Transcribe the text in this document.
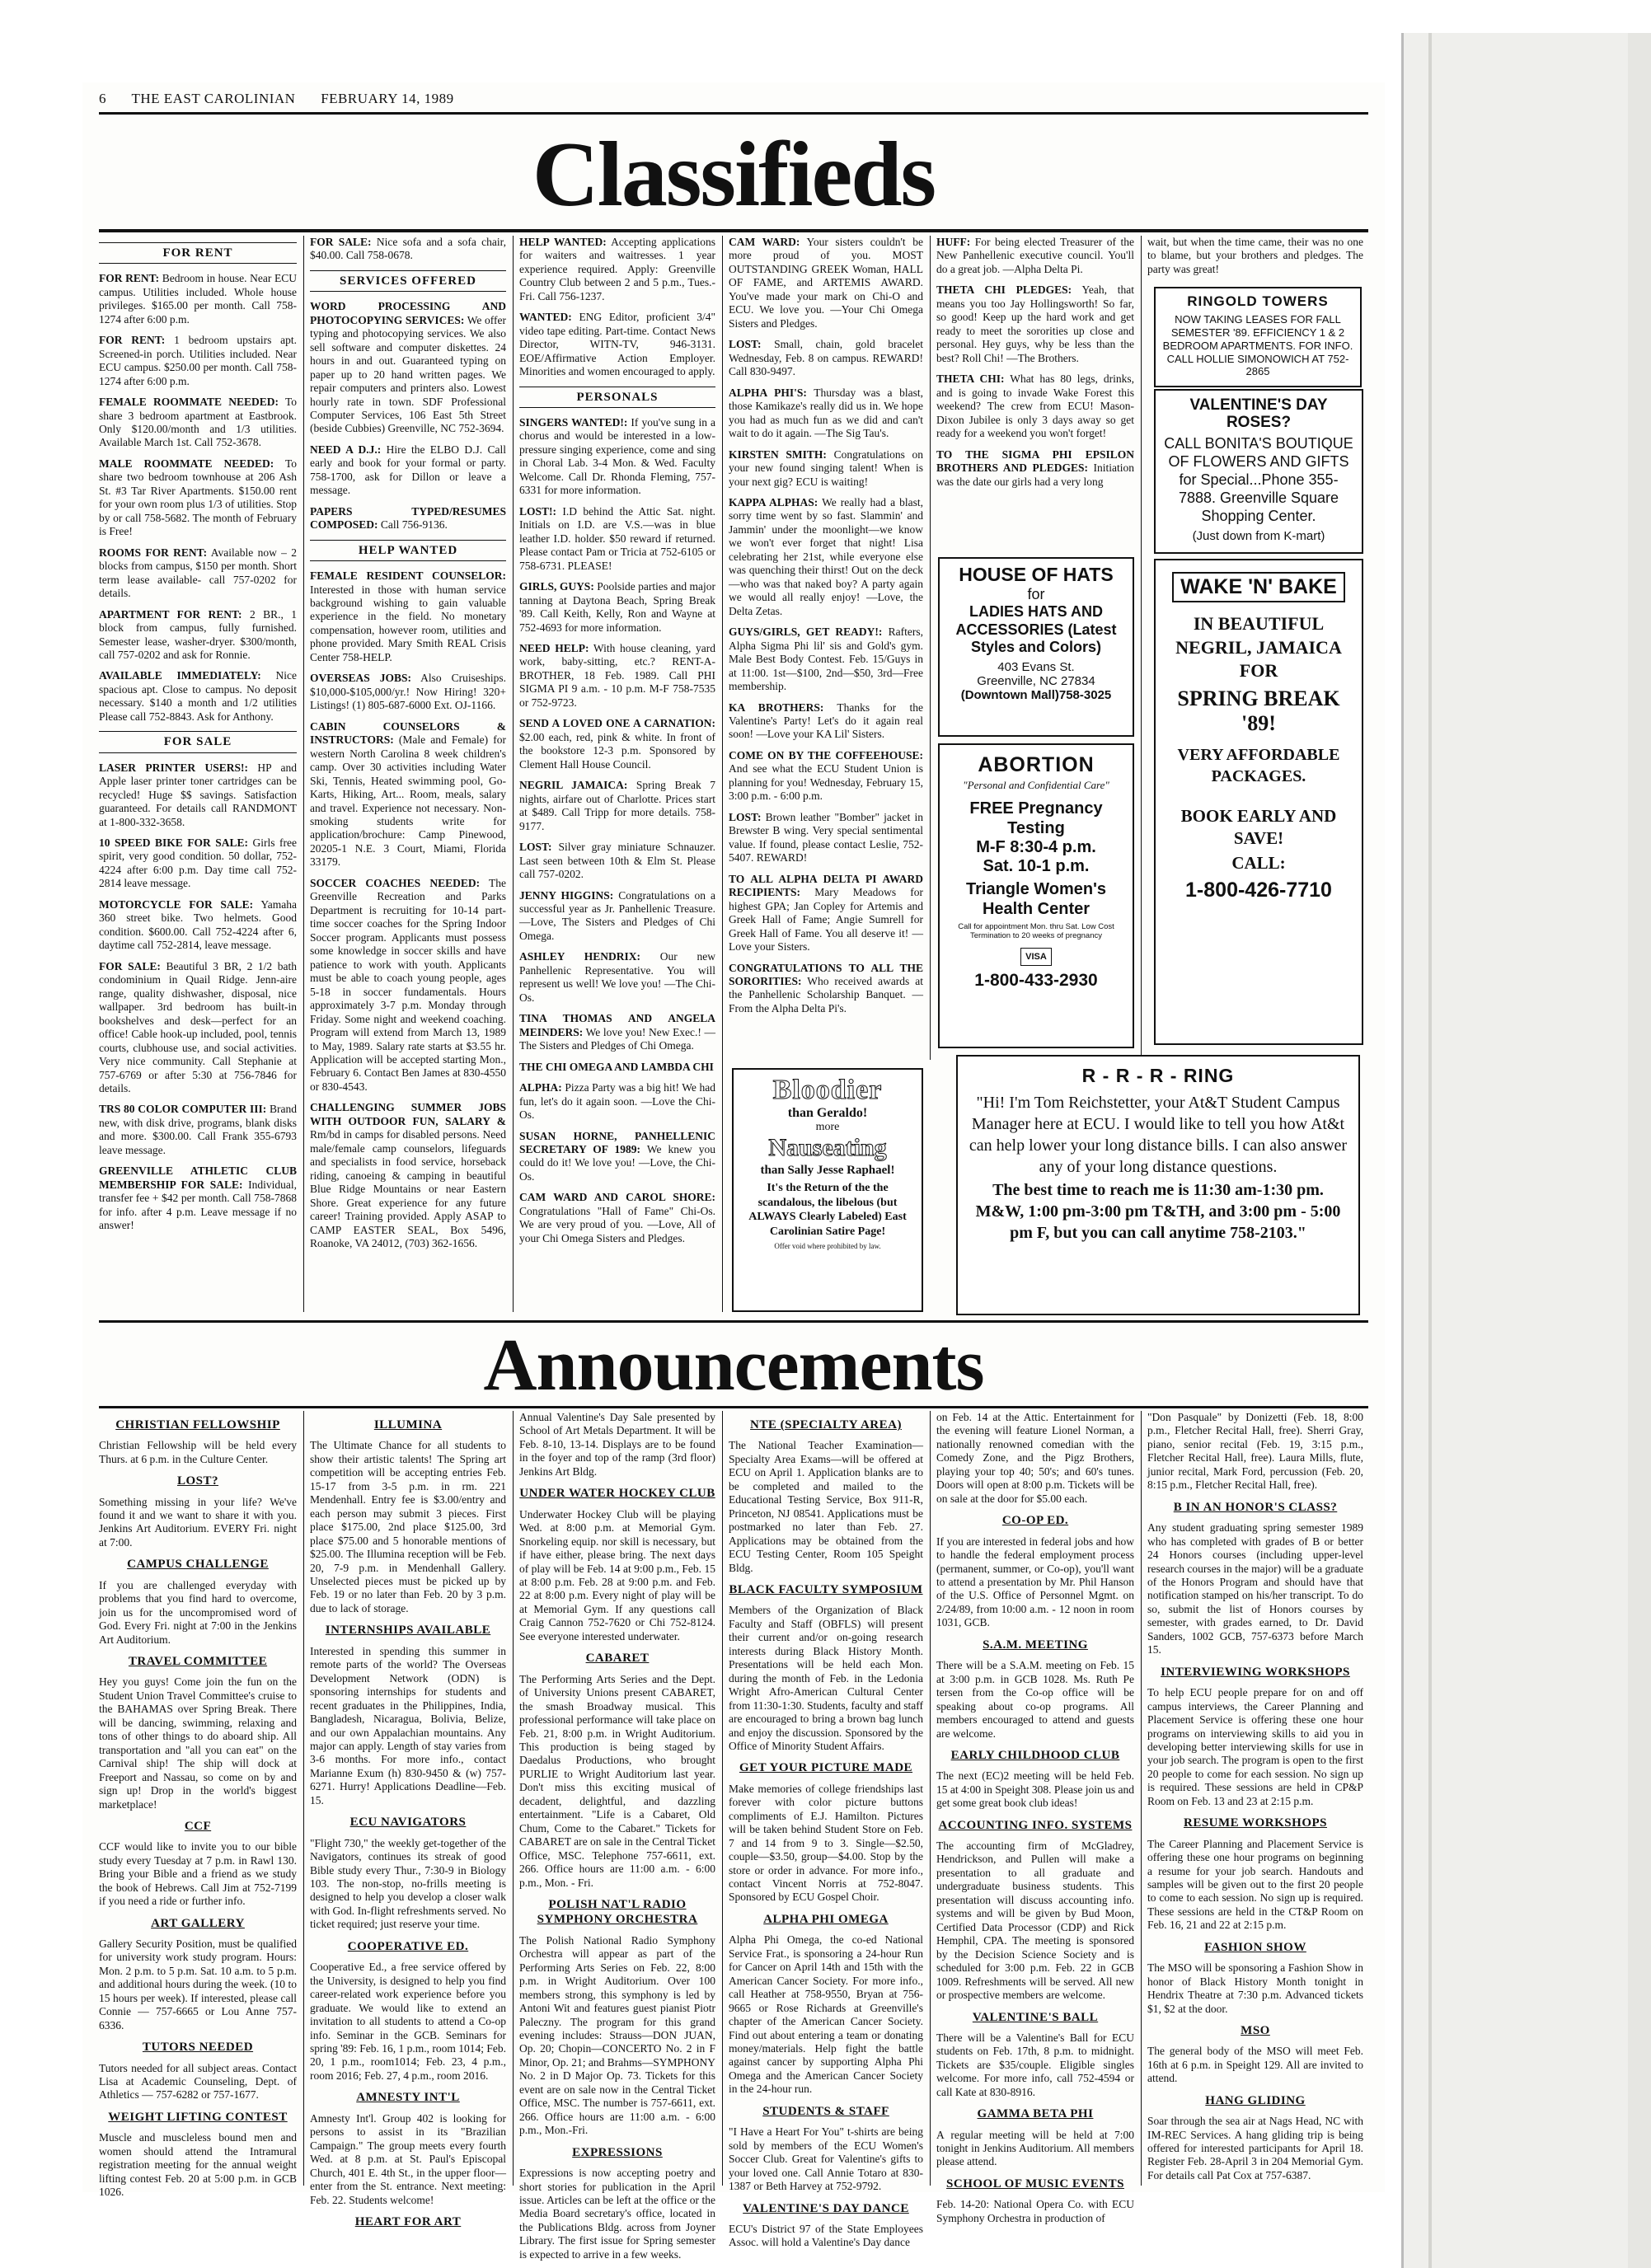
6 THE EAST CAROLINIAN FEBRUARY 14, 1989
Classifieds
FOR RENT

FOR RENT: Bedroom in house. Near ECU campus. Utilities included. Whole house privileges. $165.00 per month. Call 758-1274 after 6:00 p.m.

FOR RENT: 1 bedroom upstairs apt. Screened-in porch. Utilities included. Near ECU campus. $250.00 per month. Call 758-1274 after 6:00 p.m.

FEMALE ROOMMATE NEEDED: To share 3 bedroom apartment at Eastbrook. Only $120.00/month and 1/3 utilities. Available March 1st. Call 752-3678.

MALE ROOMMATE NEEDED: To share two bedroom townhouse at 206 Ash St. #3 Tar River Apartments. $150.00 rent for your own room plus 1/3 of utilities. Stop by or call 758-5682. The month of February is Free!

ROOMS FOR RENT: Available now – 2 blocks from campus, $150 per month. Short term lease available- call 757-0202 for details.

APARTMENT FOR RENT: 2 BR., 1 block from campus, fully furnished. Semester lease, washer-dryer. $300/month, call 757-0202 and ask for Ronnie.

AVAILABLE IMMEDIATELY: Nice spacious apt. Close to campus. No deposit necessary. $140 a month and 1/2 utilities Please call 752-8843. Ask for Anthony.

FOR SALE

LASER PRINTER USERS!: HP and Apple laser printer toner cartridges can be recycled! Huge $$ savings. Satisfaction guaranteed. For details call RANDMONT at 1-800-332-3658.

10 SPEED BIKE FOR SALE: Girls free spirit, very good condition. 50 dollar, 752-4224 after 6:00 p.m. Day time call 752-2814 leave message.

MOTORCYCLE FOR SALE: Yamaha 360 street bike. Two helmets. Good condition. $600.00. Call 752-4224 after 6, daytime call 752-2814, leave message.

FOR SALE: Beautiful 3 BR, 2 1/2 bath condominium in Quail Ridge. Jenn-aire range, quality dishwasher, disposal, nice wallpaper. 3rd bedroom has built-in bookshelves and desk—perfect for an office! Cable hook-up included, pool, tennis courts, clubhouse use, and social activities. Very nice community. Call Stephanie at 757-6769 or after 5:30 at 756-7846 for details.

TRS 80 COLOR COMPUTER III: Brand new, with disk drive, programs, blank disks and more. $300.00. Call Frank 355-6793 leave message.

GREENVILLE ATHLETIC CLUB MEMBERSHIP FOR SALE: Individual, transfer fee + $42 per month. Call 758-7868 for info. after 4 p.m. Leave message if no answer!

FOR SALE: Nice sofa and a sofa chair, $40.00. Call 758-0678.

SERVICES OFFERED

WORD PROCESSING AND PHOTOCOPYING SERVICES: We offer typing and photocopying services. We also sell software and computer diskettes. 24 hours in and out. Guaranteed typing on paper up to 20 hand written pages. We repair computers and printers also. Lowest hourly rate in town. SDF Professional Computer Services, 106 East 5th Street (beside Cubbies) Greenville, NC 752-3694.

NEED A D.J.: Hire the ELBO D.J. Call early and book for your formal or party. 758-1700, ask for Dillon or leave a message.

PAPERS TYPED/RESUMES COMPOSED: Call 756-9136.

HELP WANTED

FEMALE RESIDENT COUNSELOR: Interested in those with human service background wishing to gain valuable experience in the field. No monetary compensation, however room, utilities and phone provided. Mary Smith REAL Crisis Center 758-HELP.

OVERSEAS JOBS: Also Cruiseships. $10,000-$105,000/yr.! Now Hiring! 320+ Listings! (1) 805-687-6000 Ext. OJ-1166.

CABIN COUNSELORS & INSTRUCTORS: (Male and Female) for western North Carolina 8 week children's camp. Over 30 activities including Water Ski, Tennis, Heated swimming pool, Go-Karts, Hiking, Art... Room, meals, salary and travel. Experience not necessary. Non-smoking students write for application/brochure: Camp Pinewood, 20205-1 N.E. 3 Court, Miami, Florida 33179.

SOCCER COACHES NEEDED: The Greenville Recreation and Parks Department is recruiting for 10-14 part-time soccer coaches for the Spring Indoor Soccer program. Applicants must possess some knowledge in soccer skills and have patience to work with youth. Applicants must be able to coach young people, ages 5-18 in soccer fundamentals. Hours approximately 3-7 p.m. Monday through Friday. Some night and weekend coaching. Program will extend from March 13, 1989 to May, 1989. Salary rate starts at $3.55 hr. Application will be accepted starting Mon., February 6. Contact Ben James at 830-4550 or 830-4543.

CHALLENGING SUMMER JOBS WITH OUTDOOR FUN, SALARY & Rm/bd in camps for disabled persons. Need male/female camp counselors, lifeguards and specialists in food service, horseback riding, canoeing & camping in beautiful Blue Ridge Mountains or near Eastern Shore. Great experience for any future career! Training provided. Apply ASAP to CAMP EASTER SEAL, Box 5496, Roanoke, VA 24012, (703) 362-1656.

HELP WANTED: Accepting applications for waiters and waitresses. 1 year experience required. Apply: Greenville Country Club between 2 and 5 p.m., Tues.-Fri. Call 756-1237.

WANTED: ENG Editor, proficient 3/4" video tape editing. Part-time. Contact News Director, WITN-TV, 946-3131. EOE/Affirmative Action Employer. Minorities and women encouraged to apply.

PERSONALS

SINGERS WANTED!: If you've sung in a chorus and would be interested in a low-pressure singing experience, come and sing in Choral Lab. 3-4 Mon. & Wed. Faculty Welcome. Call Dr. Rhonda Fleming, 757-6331 for more information.

LOST!: I.D behind the Attic Sat. night. Initials on I.D. are V.S.—was in blue leather I.D. holder. $50 reward if returned. Please contact Pam or Tricia at 752-6105 or 758-6731. PLEASE!

GIRLS, GUYS: Poolside parties and major tanning at Daytona Beach, Spring Break '89. Call Keith, Kelly, Ron and Wayne at 752-4693 for more information.

NEED HELP: With house cleaning, yard work, baby-sitting, etc.? RENT-A-BROTHER, 18 Feb. 1989. Call PHI SIGMA PI 9 a.m. - 10 p.m. M-F 758-7535 or 752-9723.

SEND A LOVED ONE A CARNATION: $2.00 each, red, pink & white. In front of the bookstore 12-3 p.m. Sponsored by Clement Hall House Council.

NEGRIL JAMAICA: Spring Break 7 nights, airfare out of Charlotte. Prices start at $489. Call Tripp for more details. 758-9177.

LOST: Silver gray miniature Schnauzer. Last seen between 10th & Elm St. Please call 757-0202.

JENNY HIGGINS: Congratulations on a successful year as Jr. Panhellenic Treasure. —Love, The Sisters and Pledges of Chi Omega.

ASHLEY HENDRIX: Our new Panhellenic Representative. You will represent us well! We love you! —The Chi-Os.

TINA THOMAS AND ANGELA MEINDERS: We love you! New Exec.! —The Sisters and Pledges of Chi Omega.

THE CHI OMEGA AND LAMBDA CHI

ALPHA: Pizza Party was a big hit! We had fun, let's do it again soon. —Love the Chi-Os.

SUSAN HORNE, PANHELLENIC SECRETARY OF 1989: We knew you could do it! We love you! —Love, the Chi-Os.

CAM WARD AND CAROL SHORE: Congratulations "Hall of Fame" Chi-Os. We are very proud of you. —Love, All of your Chi Omega Sisters and Pledges.

CAM WARD: Your sisters couldn't be more proud of you. MOST OUTSTANDING GREEK Woman, HALL OF FAME, and ARTEMIS AWARD. You've made your mark on Chi-O and ECU. We love you. —Your Chi Omega Sisters and Pledges.

LOST: Small, chain, gold bracelet Wednesday, Feb. 8 on campus. REWARD! Call 830-9497.

ALPHA PHI'S: Thursday was a blast, those Kamikaze's really did us in. We hope you had as much fun as we did and can't wait to do it again. —The Sig Tau's.

KIRSTEN SMITH: Congratulations on your new found singing talent! When is your next gig? ECU is waiting!

KAPPA ALPHAS: We really had a blast, sorry time went by so fast. Slammin' and Jammin' under the moonlight—we know we won't ever forget that night! Lisa celebrating her 21st, while everyone else was quenching their thirst! Out on the deck—who was that naked boy? A party again we would all really enjoy! —Love, the Delta Zetas.

GUYS/GIRLS, GET READY!: Rafters, Alpha Sigma Phi lil' sis and Gold's gym. Male Best Body Contest. Feb. 15/Guys in at 11:00. 1st—$100, 2nd—$50, 3rd—Free membership.

KA BROTHERS: Thanks for the Valentine's Party! Let's do it again real soon! —Love your KA Lil' Sisters.

COME ON BY THE COFFEEHOUSE: And see what the ECU Student Union is planning for you! Wednesday, February 15, 3:00 p.m. - 6:00 p.m.

LOST: Brown leather "Bomber" jacket in Brewster B wing. Very special sentimental value. If found, please contact Leslie, 752-5407. REWARD!

TO ALL ALPHA DELTA PI AWARD RECIPIENTS: Mary Meadows for highest GPA; Jan Copley for Artemis and Greek Hall of Fame; Angie Sumrell for Greek Hall of Fame. You all deserve it! —Love your Sisters.

CONGRATULATIONS TO ALL THE SORORITIES: Who received awards at the Panhellenic Scholarship Banquet. —From the Alpha Delta Pi's.

Bloodier

than Geraldo!

more

Nauseating

than Sally Jesse Raphael!

It's the Return of the the scandalous, the libelous (but ALWAYS Clearly Labeled) East Carolinian Satire Page!

Offer void where prohibited by law.

HUFF: For being elected Treasurer of the New Panhellenic executive council. You'll do a great job. —Alpha Delta Pi.

THETA CHI PLEDGES: Yeah, that means you too Jay Hollingsworth! So far, so good! Keep up the hard work and get ready to meet the sororities up close and personal. Hey guys, why be less than the best? Roll Chi! —The Brothers.

THETA CHI: What has 80 legs, drinks, and is going to invade Wake Forest this weekend? The crew from ECU! Mason-Dixon Jubilee is only 3 days away so get ready for a weekend you won't forget!

TO THE SIGMA PHI EPSILON BROTHERS AND PLEDGES: Initiation was the date our girls had a very long

wait, but when the time came, their was no one to blame, but your brothers and pledges. The party was great!

RINGOLD TOWERS

NOW TAKING LEASES FOR FALL SEMESTER '89. EFFICIENCY 1 & 2 BEDROOM APARTMENTS. FOR INFO. CALL HOLLIE SIMONOWICH AT 752-2865

VALENTINE'S DAY ROSES?

CALL BONITA'S BOUTIQUE OF FLOWERS AND GIFTS for Special...Phone 355-7888. Greenville Square Shopping Center.

(Just down from K-mart)

HOUSE OF HATS

for

LADIES HATS AND ACCESSORIES (Latest Styles and Colors)

403 Evans St.

Greenville, NC 27834

(Downtown Mall)758-3025

ABORTION

"Personal and Confidential Care"

FREE Pregnancy Testing

M-F 8:30-4 p.m.

Sat. 10-1 p.m.

Triangle Women's Health Center

Call for appointment Mon. thru Sat. Low Cost Termination to 20 weeks of pregnancy

VISA

1-800-433-2930

WAKE 'N' BAKE

IN BEAUTIFUL NEGRIL, JAMAICA FOR

SPRING BREAK

'89!

VERY AFFORDABLE PACKAGES.

BOOK EARLY AND SAVE!

CALL:

1-800-426-7710

R - R - R - RING

"Hi! I'm Tom Reichstetter, your At&T Student Campus Manager here at ECU. I would like to tell you how At&t can help lower your long distance bills. I can also answer any of your long distance questions.

The best time to reach me is 11:30 am-1:30 pm. M&W, 1:00 pm-3:00 pm T&TH, and 3:00 pm - 5:00 pm F, but you can call anytime 758-2103."

Announcements
CHRISTIAN FELLOWSHIP

Christian Fellowship will be held every Thurs. at 6 p.m. in the Culture Center.

LOST?

Something missing in your life? We've found it and we want to share it with you. Jenkins Art Auditorium. EVERY Fri. night at 7:00.

CAMPUS CHALLENGE

If you are challenged everyday with problems that you find hard to overcome, join us for the uncompromised word of God. Every Fri. night at 7:00 in the Jenkins Art Auditorium.

TRAVEL COMMITTEE

Hey you guys! Come join the fun on the Student Union Travel Committee's cruise to the BAHAMAS over Spring Break. There will be dancing, swimming, relaxing and tons of other things to do aboard ship. All transportation and "all you can eat" on the Carnival ship! The ship will dock at Freeport and Nassau, so come on by and sign up! Drop in the world's biggest marketplace!

CCF

CCF would like to invite you to our bible study every Tuesday at 7 p.m. in Rawl 130. Bring your Bible and a friend as we study the book of Hebrews. Call Jim at 752-7199 if you need a ride or further info.

ART GALLERY

Gallery Security Position, must be qualified for university work study program. Hours: Mon. 2 p.m. to 5 p.m. Sat. 10 a.m. to 5 p.m. and additional hours during the week. (10 to 15 hours per week). If interested, please call Connie — 757-6665 or Lou Anne 757-6336.

TUTORS NEEDED

Tutors needed for all subject areas. Contact Lisa at Academic Counseling, Dept. of Athletics — 757-6282 or 757-1677.

WEIGHT LIFTING CONTEST

Muscle and muscleless bound men and women should attend the Intramural registration meeting for the annual weight lifting contest Feb. 20 at 5:00 p.m. in GCB 1026.

ILLUMINA

The Ultimate Chance for all students to show their artistic talents! The Spring art competition will be accepting entries Feb. 15-17 from 3-5 p.m. in rm. 221 Mendenhall. Entry fee is $3.00/entry and each person may submit 3 pieces. First place $175.00, 2nd place $125.00, 3rd place $75.00 and 5 honorable mentions of $25.00. The Illumina reception will be Feb. 20, 7-9 p.m. in Mendenhall Gallery. Unselected pieces must be picked up by Feb. 19 or no later than Feb. 20 by 3 p.m. due to lack of storage.

INTERNSHIPS AVAILABLE

Interested in spending this summer in remote parts of the world? The Overseas Development Network (ODN) is sponsoring internships for students and recent graduates in the Philippines, India, Bangladesh, Nicaragua, Bolivia, Belize, and our own Appalachian mountains. Any major can apply. Length of stay varies from 3-6 months. For more info., contact Marianne Exum (h) 830-9450 & (w) 757-6271. Hurry! Applications Deadline—Feb. 15.

ECU NAVIGATORS

"Flight 730," the weekly get-together of the Navigators, continues its streak of good Bible study every Thur., 7:30-9 in Biology 103. The non-stop, no-frills meeting is designed to help you develop a closer walk with God. In-flight refreshments served. No ticket required; just reserve your time.

COOPERATIVE ED.

Cooperative Ed., a free service offered by the University, is designed to help you find career-related work experience before you graduate. We would like to extend an invitation to all students to attend a Co-op info. Seminar in the GCB. Seminars for spring '89: Feb. 16, 1 p.m., room 1014; Feb. 20, 1 p.m., room1014; Feb. 23, 4 p.m., room 2016; Feb. 27, 4 p.m., room 2016.

AMNESTY INT'L

Amnesty Int'l. Group 402 is looking for persons to assist in its "Brazilian Campaign." The group meets every fourth Wed. at 8 p.m. at St. Paul's Episcopal Church, 401 E. 4th St., in the upper floor—enter from the St. entrance. Next meeting: Feb. 22. Students welcome!

HEART FOR ART

Annual Valentine's Day Sale presented by School of Art Metals Department. It will be Feb. 8-10, 13-14. Displays are to be found in the foyer and top of the ramp (3rd floor) Jenkins Art Bldg.

UNDER WATER HOCKEY CLUB

Underwater Hockey Club will be playing Wed. at 8:00 p.m. at Memorial Gym. Snorkeling equip. nor skill is necessary, but if have either, please bring. The next days of play will be Feb. 14 at 9:00 p.m., Feb. 15 at 8:00 p.m. Feb. 28 at 9:00 p.m. and Feb. 22 at 8:00 p.m. Every night of play will be at Memorial Gym. If any questions call Craig Cannon 752-7620 or Chi 752-8124. See everyone interested underwater.

CABARET

The Performing Arts Series and the Dept. of University Unions present CABARET, the smash Broadway musical. This professional performance will take place on Feb. 21, 8:00 p.m. in Wright Auditorium. This production is being staged by Daedalus Productions, who brought PURLIE to Wright Auditorium last year. Don't miss this exciting musical of decadent, delightful, and dazzling entertainment. "Life is a Cabaret, Old Chum, Come to the Cabaret." Tickets for CABARET are on sale in the Central Ticket Office, MSC. Telephone 757-6611, ext. 266. Office hours are 11:00 a.m. - 6:00 p.m., Mon. - Fri.

POLISH NAT'L RADIO SYMPHONY ORCHESTRA

The Polish National Radio Symphony Orchestra will appear as part of the Performing Arts Series on Feb. 22, 8:00 p.m. in Wright Auditorium. Over 100 members strong, this symphony is led by Antoni Wit and features guest pianist Piotr Paleczny. The program for this grand evening includes: Strauss—DON JUAN, Op. 20; Chopin—CONCERTO No. 2 in F Minor, Op. 21; and Brahms—SYMPHONY No. 2 in D Major Op. 73. Tickets for this event are on sale now in the Central Ticket Office, MSC. The number is 757-6611, ext. 266. Office hours are 11:00 a.m. - 6:00 p.m., Mon.-Fri.

EXPRESSIONS

Expressions is now accepting poetry and short stories for publication in the April issue. Articles can be left at the office or the Media Board secretary's office, located in the Publications Bldg. across from Joyner Library. The first issue for Spring semester is expected to arrive in a few weeks.

NTE (SPECIALTY AREA)

The National Teacher Examination—Specialty Area Exams—will be offered at ECU on April 1. Application blanks are to be completed and mailed to the Educational Testing Service, Box 911-R, Princeton, NJ 08541. Applications must be postmarked no later than Feb. 27. Applications may be obtained from the ECU Testing Center, Room 105 Speight Bldg.

BLACK FACULTY SYMPOSIUM

Members of the Organization of Black Faculty and Staff (OBFLS) will present their current and/or on-going research interests during Black History Month. Presentations will be held each Mon. during the month of Feb. in the Ledonia Wright Afro-American Cultural Center from 11:30-1:30. Students, faculty and staff are encouraged to bring a brown bag lunch and enjoy the discussion. Sponsored by the Office of Minority Student Affairs.

GET YOUR PICTURE MADE

Make memories of college friendships last forever with color picture buttons compliments of E.J. Hamilton. Pictures will be taken behind Student Store on Feb. 7 and 14 from 9 to 3. Single—$2.50, couple—$3.50, group—$4.00. Stop by the store or order in advance. For more info., contact Vincent Norris at 752-8047. Sponsored by ECU Gospel Choir.

ALPHA PHI OMEGA

Alpha Phi Omega, the co-ed National Service Frat., is sponsoring a 24-hour Run for Cancer on April 14th and 15th with the American Cancer Society. For more info., call Heather at 758-9550, Bryan at 756-9665 or Rose Richards at Greenville's chapter of the American Cancer Society. Find out about entering a team or donating money/materials. Help fight the battle against cancer by supporting Alpha Phi Omega and the American Cancer Society in the 24-hour run.

STUDENTS & STAFF

"I Have a Heart For You" t-shirts are being sold by members of the ECU Women's Soccer Club. Great for Valentine's gifts to your loved one. Call Annie Totaro at 830-1387 or Beth Harvey at 752-9792.

VALENTINE'S DAY DANCE

ECU's District 97 of the State Employees Assoc. will hold a Valentine's Day dance

on Feb. 14 at the Attic. Entertainment for the evening will feature Lionel Norman, a nationally renowned comedian with the Comedy Zone, and the Pigz Brothers, playing your top 40; 50's; and 60's tunes. Doors will open at 8:00 p.m. Tickets will be on sale at the door for $5.00 each.

CO-OP ED.

If you are interested in federal jobs and how to handle the federal employment process (permanent, summer, or Co-op), you'll want to attend a presentation by Mr. Phil Hanson of the U.S. Office of Personnel Mgmt. on 2/24/89, from 10:00 a.m. - 12 noon in room 1031, GCB.

S.A.M. MEETING

There will be a S.A.M. meeting on Feb. 15 at 3:00 p.m. in GCB 1028. Ms. Ruth Pe tersen from the Co-op office will be speaking about co-op programs. All members encouraged to attend and guests are welcome.

EARLY CHILDHOOD CLUB

The next (EC)2 meeting will be held Feb. 15 at 4:00 in Speight 308. Please join us and get some great book club ideas!

ACCOUNTING INFO. SYSTEMS

The accounting firm of McGladrey, Hendrickson, and Pullen will make a presentation to all graduate and undergraduate business students. This presentation will discuss accounting info. systems and will be given by Bud Moon, Certified Data Processor (CDP) and Rick Hemphil, CPA. The meeting is sponsored by the Decision Science Society and is scheduled for 3:00 p.m. Feb. 22 in GCB 1009. Refreshments will be served. All new or prospective members are welcome.

VALENTINE'S BALL

There will be a Valentine's Ball for ECU students on Feb. 17th, 8 p.m. to midnight. Tickets are $35/couple. Eligible singles welcome. For more info, call 752-4594 or call Kate at 830-8916.

GAMMA BETA PHI

A regular meeting will be held at 7:00 tonight in Jenkins Auditorium. All members please attend.

SCHOOL OF MUSIC EVENTS

Feb. 14-20: National Opera Co. with ECU Symphony Orchestra in production of

"Don Pasquale" by Donizetti (Feb. 18, 8:00 p.m., Fletcher Recital Hall, free). Sherri Gray, piano, senior recital (Feb. 19, 3:15 p.m., Fletcher Recital Hall, free). Laura Mills, flute, junior recital, Mark Ford, percussion (Feb. 20, 8:15 p.m., Fletcher Recital Hall, free).

B IN AN HONOR'S CLASS?

Any student graduating spring semester 1989 who has completed with grades of B or better 24 Honors courses (including upper-level research courses in the major) will be a graduate of the Honors Program and should have that notification stamped on his/her transcript. To do so, submit the list of Honors courses by semester, with grades earned, to Dr. David Sanders, 1002 GCB, 757-6373 before March 15.

INTERVIEWING WORKSHOPS

To help ECU people prepare for on and off campus interviews, the Career Planning and Placement Service is offering these one hour programs on interviewing skills to aid you in developing better interviewing skills for use in your job search. The program is open to the first 20 people to come for each session. No sign up is required. These sessions are held in CP&P Room on Feb. 13 and 23 at 2:15 p.m.

RESUME WORKSHOPS

The Career Planning and Placement Service is offering these one hour programs on beginning a resume for your job search. Handouts and samples will be given out to the first 20 people to come to each session. No sign up is required. These sessions are held in the CT&P Room on Feb. 16, 21 and 22 at 2:15 p.m.

FASHION SHOW

The MSO will be sponsoring a Fashion Show in honor of Black History Month tonight in Hendrix Theatre at 7:30 p.m. Advanced tickets $1, $2 at the door.

MSO

The general body of the MSO will meet Feb. 16th at 6 p.m. in Speight 129. All are invited to attend.

HANG GLIDING

Soar through the sea air at Nags Head, NC with IM-REC Services. A hang gliding trip is being offered for interested participants for April 18. Register Feb. 28-April 3 in 204 Memorial Gym. For details call Pat Cox at 757-6387.
